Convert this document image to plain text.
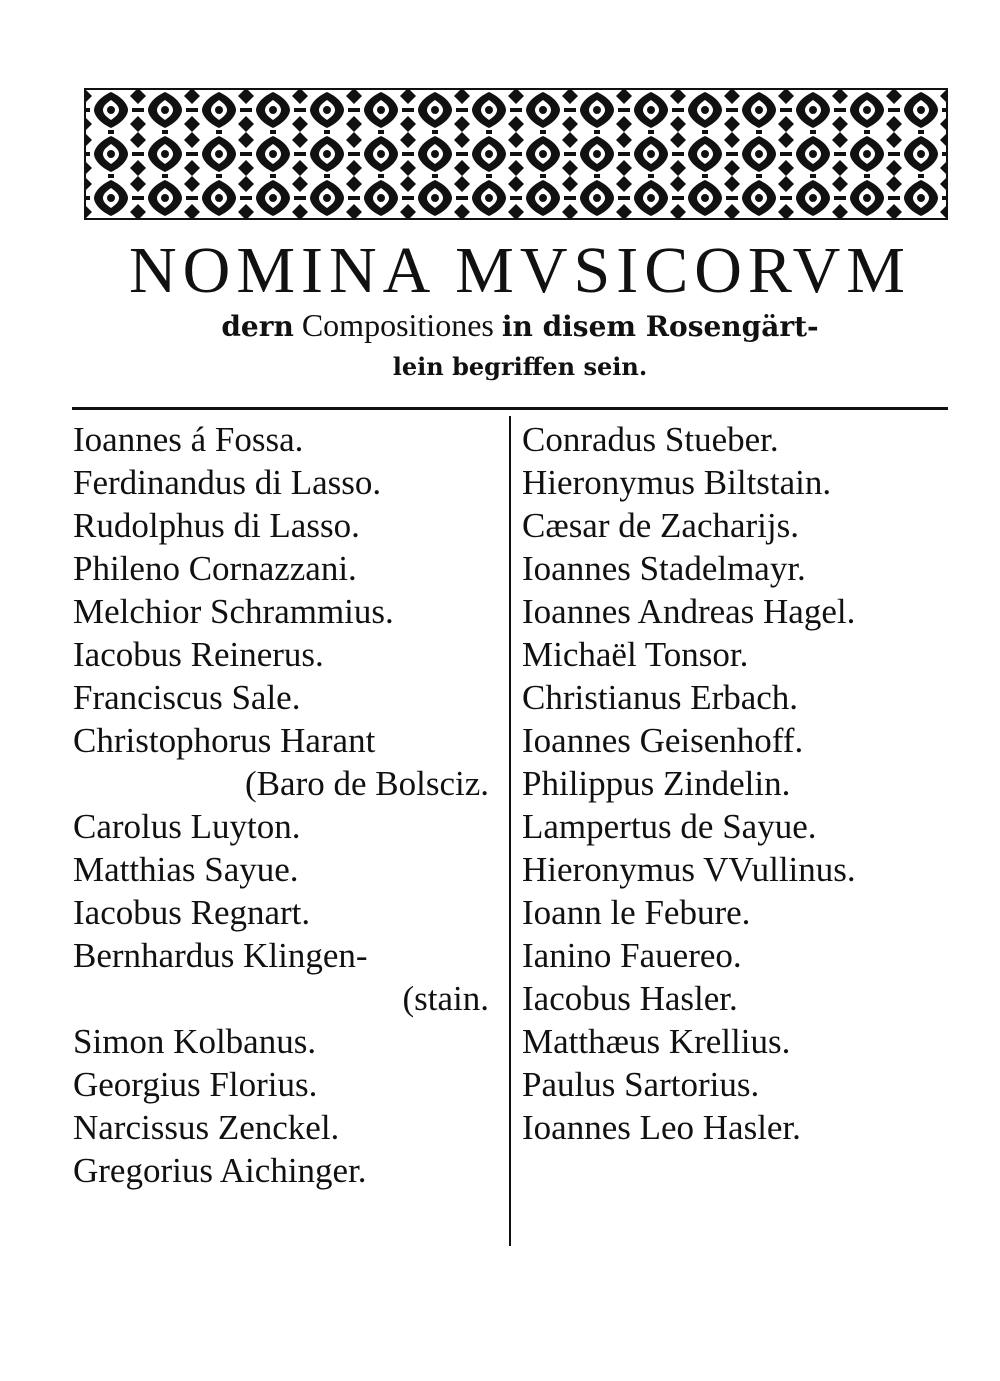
NOMINA MVSICORVM
dern Compositiones in disem Rosengärt-
lein begriffen sein.
Ioannes á Fossa.
Ferdinandus di Lasso.
Rudolphus di Lasso.
Phileno Cornazzani.
Melchior Schrammius.
Iacobus Reinerus.
Franciscus Sale.
Christophorus Harant
(Baro de Bolsciz.
Carolus Luyton.
Matthias Sayue.
Iacobus Regnart.
Bernhardus Klingen-
(stain.
Simon Kolbanus.
Georgius Florius.
Narcissus Zenckel.
Gregorius Aichinger.
Conradus Stueber.
Hieronymus Biltstain.
Cæsar de Zacharijs.
Ioannes Stadelmayr.
Ioannes Andreas Hagel.
Michaël Tonsor.
Christianus Erbach.
Ioannes Geisenhoff.
Philippus Zindelin.
Lampertus de Sayue.
Hieronymus VVullinus.
Ioann le Febure.
Ianino Fauereo.
Iacobus Hasler.
Matthæus Krellius.
Paulus Sartorius.
Ioannes Leo Hasler.
